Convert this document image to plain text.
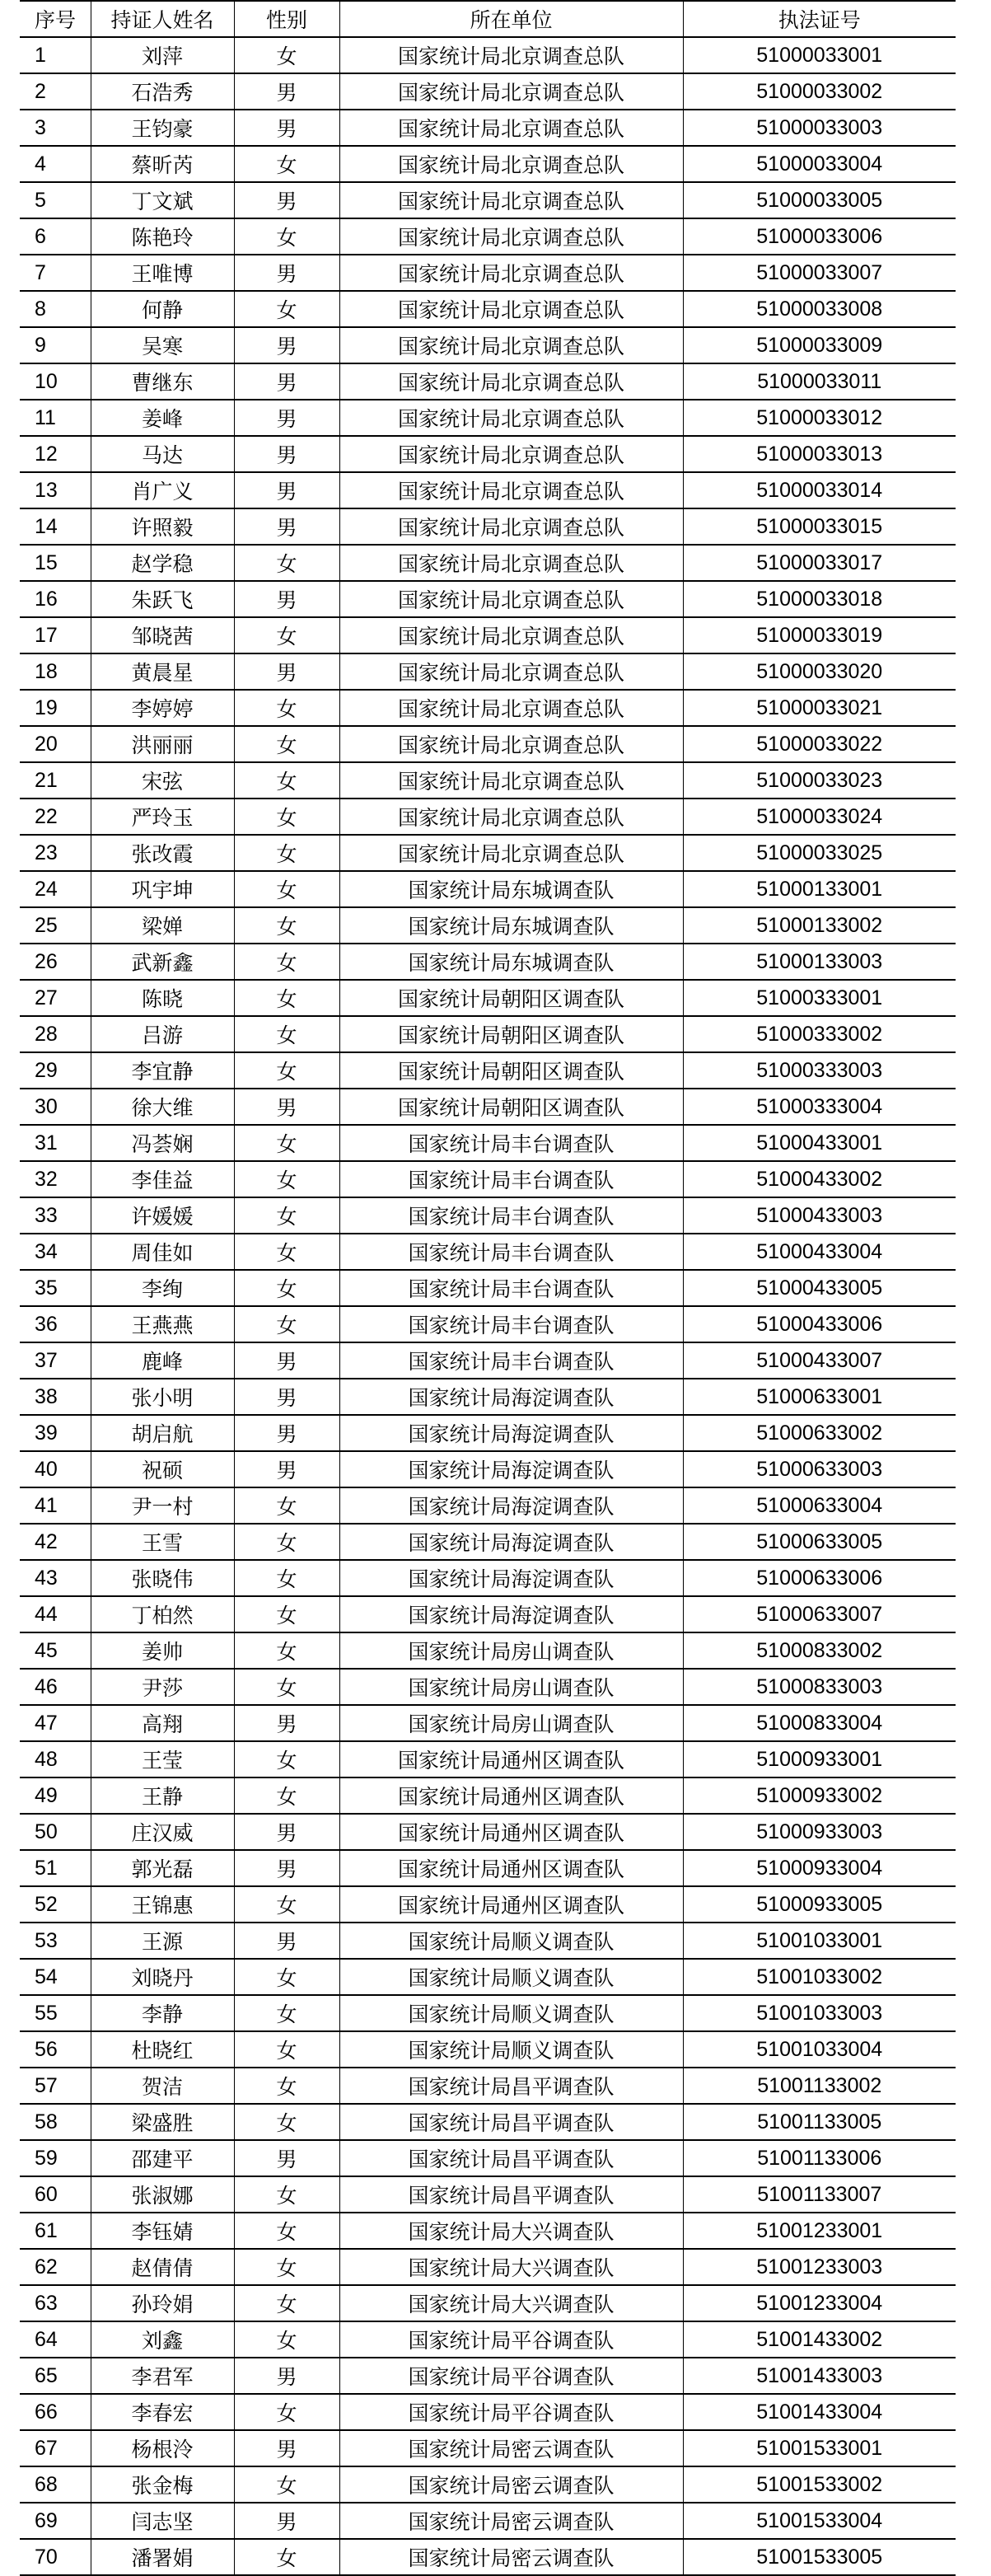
序号	持证人姓名	性别	所在单位	执法证号
1	刘萍	女	国家统计局北京调查总队	51000033001
2	石浩秀	男	国家统计局北京调查总队	51000033002
3	王钧豪	男	国家统计局北京调查总队	51000033003
4	蔡昕芮	女	国家统计局北京调查总队	51000033004
5	丁文斌	男	国家统计局北京调查总队	51000033005
6	陈艳玲	女	国家统计局北京调查总队	51000033006
7	王唯博	男	国家统计局北京调查总队	51000033007
8	何静	女	国家统计局北京调查总队	51000033008
9	吴寒	男	国家统计局北京调查总队	51000033009
10	曹继东	男	国家统计局北京调查总队	51000033011
11	姜峰	男	国家统计局北京调查总队	51000033012
12	马达	男	国家统计局北京调查总队	51000033013
13	肖广义	男	国家统计局北京调查总队	51000033014
14	许照毅	男	国家统计局北京调查总队	51000033015
15	赵学稳	女	国家统计局北京调查总队	51000033017
16	朱跃飞	男	国家统计局北京调查总队	51000033018
17	邹晓茜	女	国家统计局北京调查总队	51000033019
18	黄晨星	男	国家统计局北京调查总队	51000033020
19	李婷婷	女	国家统计局北京调查总队	51000033021
20	洪丽丽	女	国家统计局北京调查总队	51000033022
21	宋弦	女	国家统计局北京调查总队	51000033023
22	严玲玉	女	国家统计局北京调查总队	51000033024
23	张改霞	女	国家统计局北京调查总队	51000033025
24	巩宇坤	女	国家统计局东城调查队	51000133001
25	梁婵	女	国家统计局东城调查队	51000133002
26	武新鑫	女	国家统计局东城调查队	51000133003
27	陈晓	女	国家统计局朝阳区调查队	51000333001
28	吕游	女	国家统计局朝阳区调查队	51000333002
29	李宜静	女	国家统计局朝阳区调查队	51000333003
30	徐大维	男	国家统计局朝阳区调查队	51000333004
31	冯荟娴	女	国家统计局丰台调查队	51000433001
32	李佳益	女	国家统计局丰台调查队	51000433002
33	许媛媛	女	国家统计局丰台调查队	51000433003
34	周佳如	女	国家统计局丰台调查队	51000433004
35	李绚	女	国家统计局丰台调查队	51000433005
36	王燕燕	女	国家统计局丰台调查队	51000433006
37	鹿峰	男	国家统计局丰台调查队	51000433007
38	张小明	男	国家统计局海淀调查队	51000633001
39	胡启航	男	国家统计局海淀调查队	51000633002
40	祝硕	男	国家统计局海淀调查队	51000633003
41	尹一村	女	国家统计局海淀调查队	51000633004
42	王雪	女	国家统计局海淀调查队	51000633005
43	张晓伟	女	国家统计局海淀调查队	51000633006
44	丁柏然	女	国家统计局海淀调查队	51000633007
45	姜帅	女	国家统计局房山调查队	51000833002
46	尹莎	女	国家统计局房山调查队	51000833003
47	高翔	男	国家统计局房山调查队	51000833004
48	王莹	女	国家统计局通州区调查队	51000933001
49	王静	女	国家统计局通州区调查队	51000933002
50	庄汉威	男	国家统计局通州区调查队	51000933003
51	郭光磊	男	国家统计局通州区调查队	51000933004
52	王锦惠	女	国家统计局通州区调查队	51000933005
53	王源	男	国家统计局顺义调查队	51001033001
54	刘晓丹	女	国家统计局顺义调查队	51001033002
55	李静	女	国家统计局顺义调查队	51001033003
56	杜晓红	女	国家统计局顺义调查队	51001033004
57	贺洁	女	国家统计局昌平调查队	51001133002
58	梁盛胜	女	国家统计局昌平调查队	51001133005
59	邵建平	男	国家统计局昌平调查队	51001133006
60	张淑娜	女	国家统计局昌平调查队	51001133007
61	李钰婧	女	国家统计局大兴调查队	51001233001
62	赵倩倩	女	国家统计局大兴调查队	51001233003
63	孙玲娟	女	国家统计局大兴调查队	51001233004
64	刘鑫	女	国家统计局平谷调查队	51001433002
65	李君军	男	国家统计局平谷调查队	51001433003
66	李春宏	女	国家统计局平谷调查队	51001433004
67	杨根泠	男	国家统计局密云调查队	51001533001
68	张金梅	女	国家统计局密云调查队	51001533002
69	闫志坚	男	国家统计局密云调查队	51001533004
70	潘署娟	女	国家统计局密云调查队	51001533005
